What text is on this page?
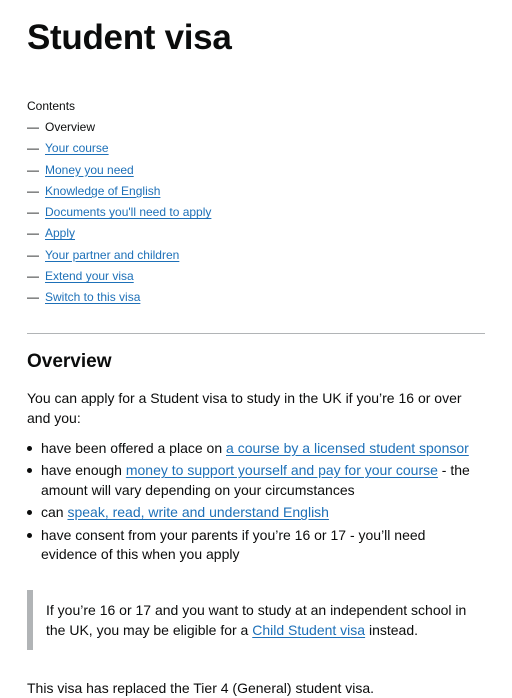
Student visa
Contents
— Overview
— Your course
— Money you need
— Knowledge of English
— Documents you'll need to apply
— Apply
— Your partner and children
— Extend your visa
— Switch to this visa
Overview

You can apply for a Student visa to study in the UK if you’re 16 or over and you:

have been offered a place on a course by a licensed student sponsor
have enough money to support yourself and pay for your course - the amount will vary depending on your circumstances
can speak, read, write and understand English
have consent from your parents if you’re 16 or 17 - you’ll need evidence of this when you apply

If you’re 16 or 17 and you want to study at an independent school in the UK, you may be eligible for a Child Student visa instead.

This visa has replaced the Tier 4 (General) student visa.
